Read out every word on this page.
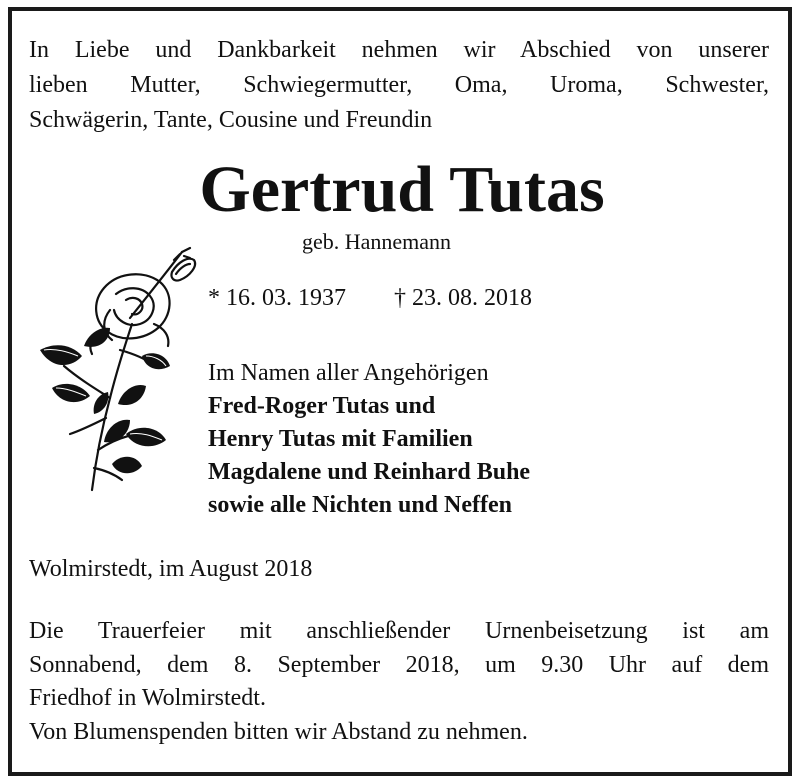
In Liebe und Dankbarkeit nehmen wir Abschied von unserer
lieben Mutter, Schwiegermutter, Oma, Uroma, Schwester,
Schwägerin, Tante, Cousine und Freundin

Gertrud Tutas

geb. Hannemann

* 16. 03. 1937 † 23. 08. 2018

Im Namen aller Angehörigen
Fred-Roger Tutas und
Henry Tutas mit Familien
Magdalene und Reinhard Buhe
sowie alle Nichten und Neffen

Wolmirstedt, im August 2018

Die Trauerfeier mit anschließender Urnenbeisetzung ist am
Sonnabend, dem 8. September 2018, um 9.30 Uhr auf dem
Friedhof in Wolmirstedt.
Von Blumenspenden bitten wir Abstand zu nehmen.
